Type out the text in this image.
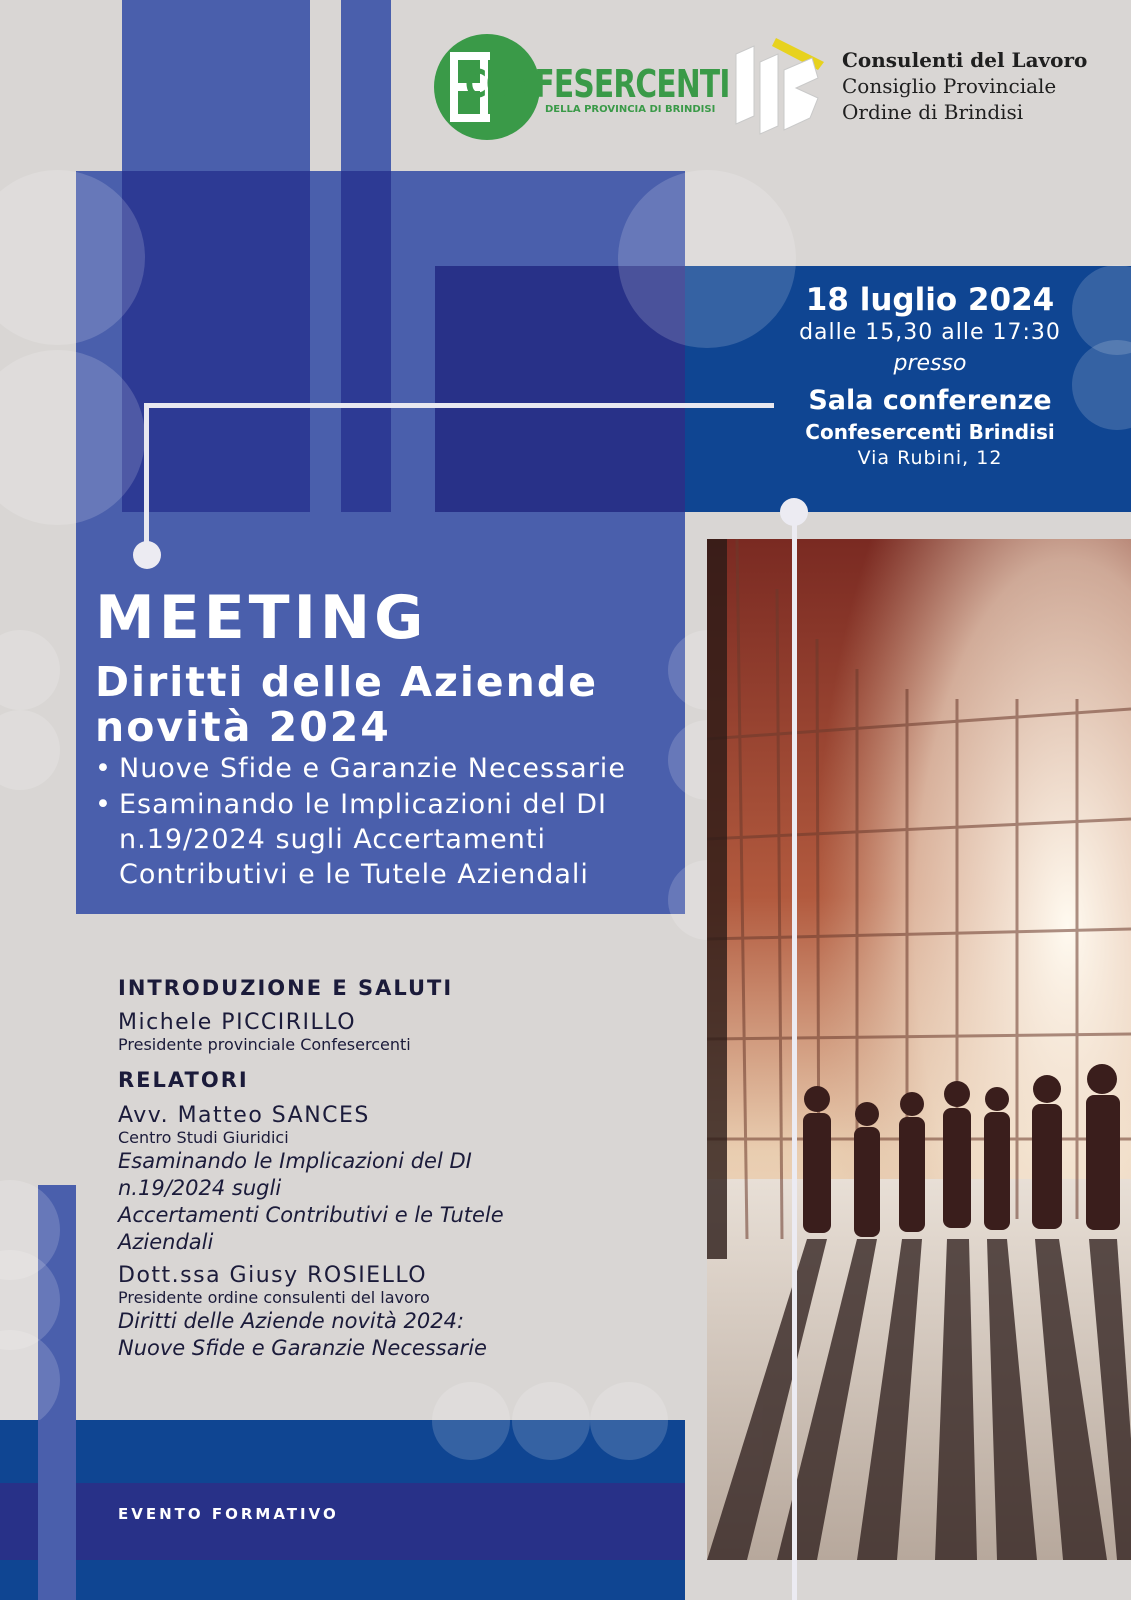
CONFESERCENTI
DELLA PROVINCIA DI BRINDISI
Consulenti del Lavoro
Consiglio Provinciale
Ordine di Brindisi
18 luglio 2024
dalle 15,30 alle 17:30
presso
Sala conferenze
Confesercenti Brindisi
Via Rubini, 12
MEETING
Diritti delle Aziende
novità 2024
• Nuove Sfide e Garanzie Necessarie
• Esaminando le Implicazioni del DI n.19/2024 sugli Accertamenti Contributivi e le Tutele Aziendali
INTRODUZIONE E SALUTI
Michele PICCIRILLO
Presidente provinciale Confesercenti
RELATORI
Avv. Matteo SANCES
Centro Studi Giuridici
Esaminando le Implicazioni del DI
n.19/2024 sugli
Accertamenti Contributivi e le Tutele
Aziendali
Dott.ssa Giusy ROSIELLO
Presidente ordine consulenti del lavoro
Diritti delle Aziende novità 2024:
Nuove Sfide e Garanzie Necessarie
EVENTO FORMATIVO
